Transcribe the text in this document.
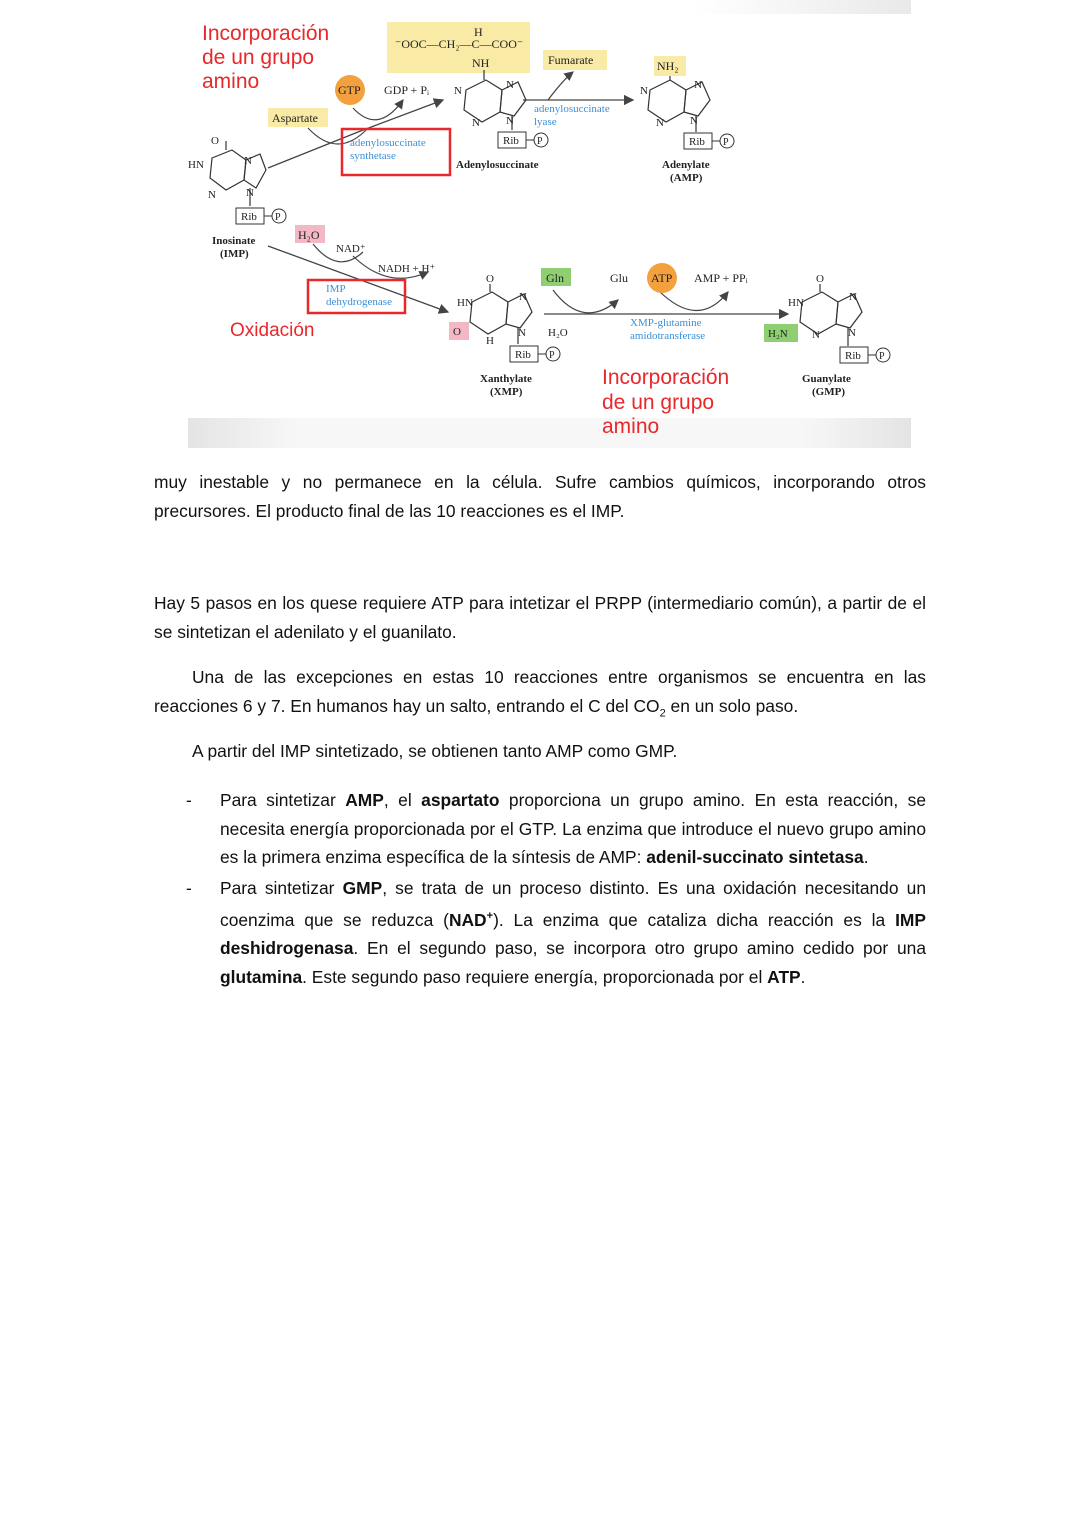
Incorporación
de un grupo
amino
H
⁻OOC—CH₂—C—COO⁻
NH
GTP GDP + Pᵢ
Aspartate
Fumarate	NH₂
adenylosuccinate
synthetase
adenylosuccinate
lyase
O
HN	N
N	N
Rib P
Inosinate
(IMP)
N	N
N N
Rib P
Adenylosuccinate
N	N
N N
Rib P
Adenylate
(AMP)
H₂O
NAD⁺
NADH + H⁺
IMP
dehydrogenase
Oxidación
O
HN	N
O	N
H
Rib P
Xanthylate
(XMP)
H₂O
Gln	Glu ATP AMP + PPᵢ
XMP-glutamine
amidotransferase
Incorporación
de un grupo
amino
O
HN	N
H₂N N	N
Rib P
Guanylate
(GMP)

muy inestable y no permanece en la célula. Sufre cambios químicos, incorporando otros precursores. El producto final de las 10 reacciones es el IMP.

Hay 5 pasos en los quese requiere ATP para intetizar el PRPP (intermediario común), a partir de el se sintetizan el adenilato y el guanilato.

Una de las excepciones en estas 10 reacciones entre organismos se encuentra en las reacciones 6 y 7. En humanos hay un salto, entrando el C del $CO_2$ en un solo paso.

A partir del IMP sintetizado, se obtienen tanto AMP como GMP.

- Para sintetizar AMP, el aspartato proporciona un grupo amino. En esta reacción, se necesita energía proporcionada por el GTP. La enzima que introduce el nuevo grupo amino es la primera enzima específica de la síntesis de AMP: adenil-succinato sintetasa.
- Para sintetizar GMP, se trata de un proceso distinto. Es una oxidación necesitando un coenzima que se reduzca (NAD+). La enzima que cataliza dicha reacción es la IMP deshidrogenasa. En el segundo paso, se incorpora otro grupo amino cedido por una glutamina. Este segundo paso requiere energía, proporcionada por el ATP.
